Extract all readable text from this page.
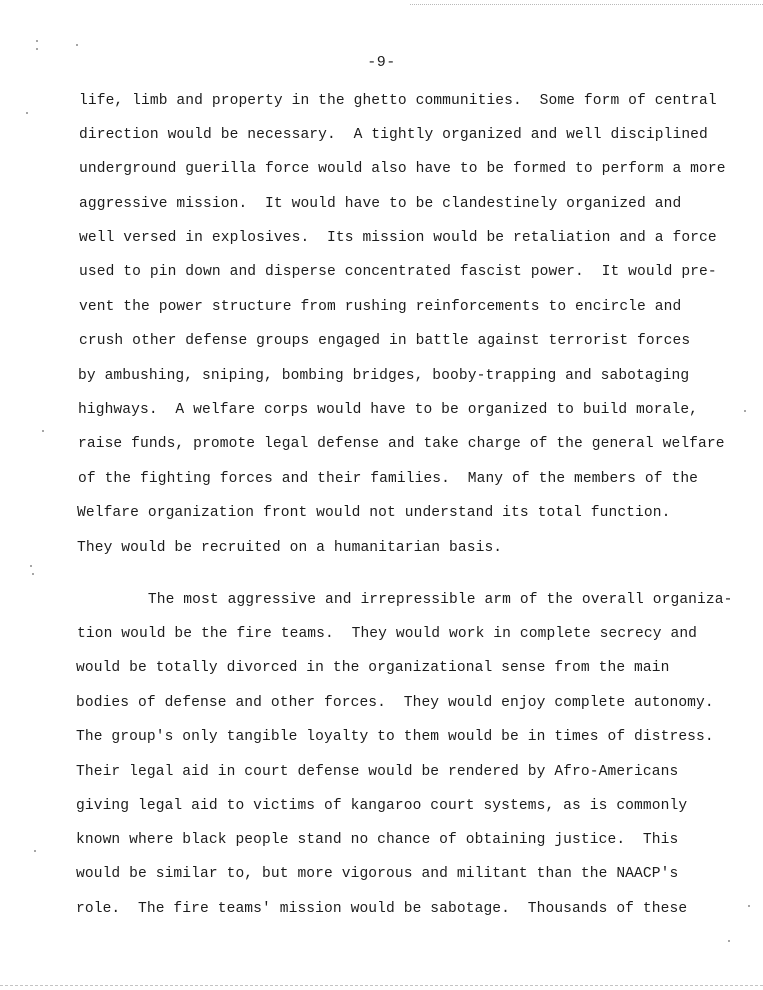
-9-
life, limb and property in the ghetto communities.  Some form of central
direction would be necessary.  A tightly organized and well disciplined
underground guerilla force would also have to be formed to perform a more
aggressive mission.  It would have to be clandestinely organized and
well versed in explosives.  Its mission would be retaliation and a force
used to pin down and disperse concentrated fascist power.  It would pre-
vent the power structure from rushing reinforcements to encircle and
crush other defense groups engaged in battle against terrorist forces
by ambushing, sniping, bombing bridges, booby-trapping and sabotaging
highways.  A welfare corps would have to be organized to build morale,
raise funds, promote legal defense and take charge of the general welfare
of the fighting forces and their families.  Many of the members of the
Welfare organization front would not understand its total function.
They would be recruited on a humanitarian basis.
The most aggressive and irrepressible arm of the overall organiza-
tion would be the fire teams.  They would work in complete secrecy and
would be totally divorced in the organizational sense from the main
bodies of defense and other forces.  They would enjoy complete autonomy.
The group's only tangible loyalty to them would be in times of distress.
Their legal aid in court defense would be rendered by Afro-Americans
giving legal aid to victims of kangaroo court systems, as is commonly
known where black people stand no chance of obtaining justice.  This
would be similar to, but more vigorous and militant than the NAACP's
role.  The fire teams' mission would be sabotage.  Thousands of these
